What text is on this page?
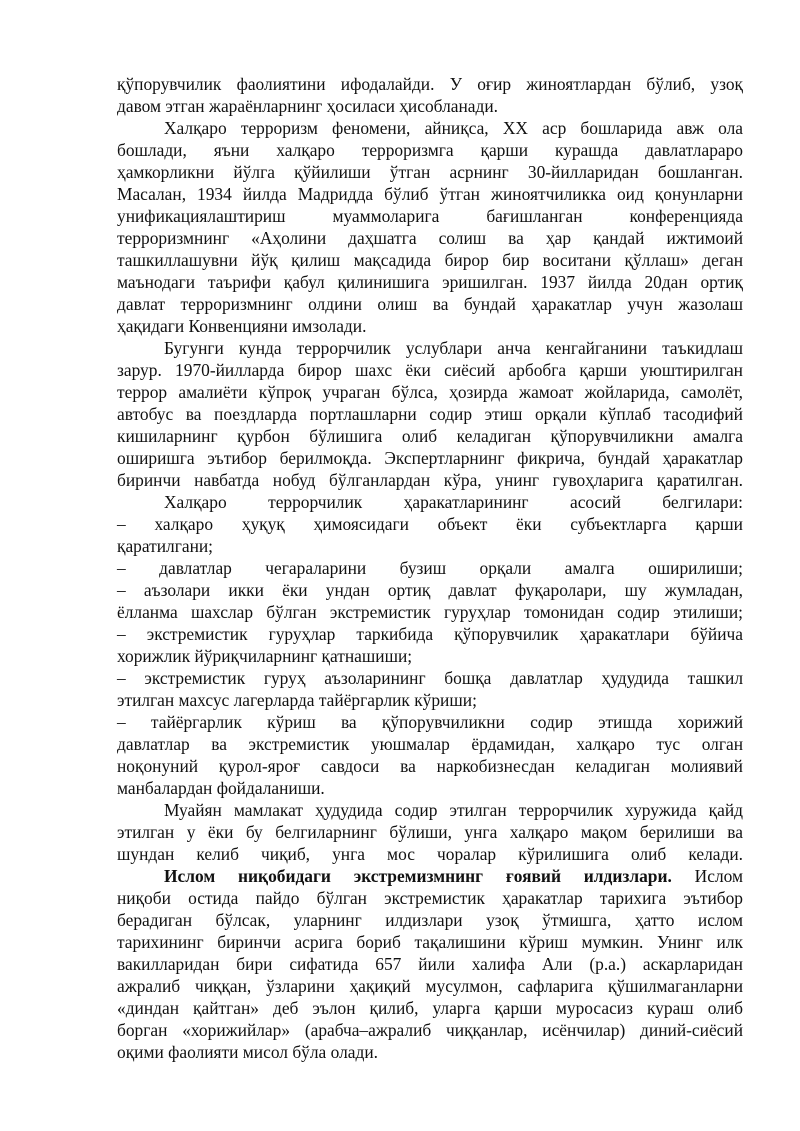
қўпорувчилик фаолиятини ифодалайди. У оғир жиноятлардан бўлиб, узоқ
давом этган жараёнларнинг ҳосиласи ҳисобланади.
Халқаро терроризм феномени, айниқса, XX аср бошларида авж ола
бошлади, яъни халқаро терроризмга қарши курашда давлатлараро
ҳамкорликни йўлга қўйилиши ўтган асрнинг 30-йилларидан бошланган.
Масалан, 1934 йилда Мадридда бўлиб ўтган жиноятчиликка оид қонунларни
унификациялаштириш муаммоларига бағишланган конференцияда
терроризмнинг «Аҳолини даҳшатга солиш ва ҳар қандай ижтимоий
ташкиллашувни йўқ қилиш мақсадида бирор бир воситани қўллаш» деган
маънодаги таърифи қабул қилинишига эришилган. 1937 йилда 20дан ортиқ
давлат терроризмнинг олдини олиш ва бундай ҳаракатлар учун жазолаш
ҳақидаги Конвенцияни имзолади.
Бугунги кунда террорчилик услублари анча кенгайганини таъкидлаш
зарур. 1970-йилларда бирор шахс ёки сиёсий арбобга қарши уюштирилган
террор амалиёти кўпроқ учраган бўлса, ҳозирда жамоат жойларида, самолёт,
автобус ва поездларда портлашларни содир этиш орқали кўплаб тасодифий
кишиларнинг қурбон бўлишига олиб келадиган қўпорувчиликни амалга
оширишга эътибор берилмоқда. Экспертларнинг фикрича, бундай ҳаракатлар
биринчи навбатда нобуд бўлганлардан кўра, унинг гувоҳларига қаратилган.
Халқаро террорчилик ҳаракатларининг асосий белгилари:
– халқаро ҳуқуқ ҳимоясидаги объект ёки субъектларга қарши
қаратилгани;
– давлатлар чегараларини бузиш орқали амалга оширилиши;
– аъзолари икки ёки ундан ортиқ давлат фуқаролари, шу жумладан,
ёлланма шахслар бўлган экстремистик гуруҳлар томонидан содир этилиши;
– экстремистик гуруҳлар таркибида қўпорувчилик ҳаракатлари бўйича
хорижлик йўриқчиларнинг қатнашиши;
– экстремистик гуруҳ аъзоларининг бошқа давлатлар ҳудудида ташкил
этилган махсус лагерларда тайёргарлик кўриши;
– тайёргарлик кўриш ва қўпорувчиликни содир этишда хорижий
давлатлар ва экстремистик уюшмалар ёрдамидан, халқаро тус олган
ноқонуний қурол-яроғ савдоси ва наркобизнесдан келадиган молиявий
манбалардан фойдаланиши.
Муайян мамлакат ҳудудида содир этилган террорчилик хуружида қайд
этилган у ёки бу белгиларнинг бўлиши, унга халқаро мақом берилиши ва
шундан келиб чиқиб, унга мос чоралар кўрилишига олиб келади.
Ислом ниқобидаги экстремизмнинг ғоявий илдизлари. Ислом
ниқоби остида пайдо бўлган экстремистик ҳаракатлар тарихига эътибор
берадиган бўлсак, уларнинг илдизлари узоқ ўтмишга, ҳатто ислом
тарихининг биринчи асрига бориб тақалишини кўриш мумкин. Унинг илк
вакилларидан бири сифатида 657 йили халифа Али (р.а.) аскарларидан
ажралиб чиққан, ўзларини ҳақиқий мусулмон, сафларига қўшилмаганларни
«диндан қайтган» деб эълон қилиб, уларга қарши муросасиз кураш олиб
борган «хорижийлар» (арабча–ажралиб чиққанлар, исёнчилар) диний-сиёсий
оқими фаолияти мисол бўла олади.
